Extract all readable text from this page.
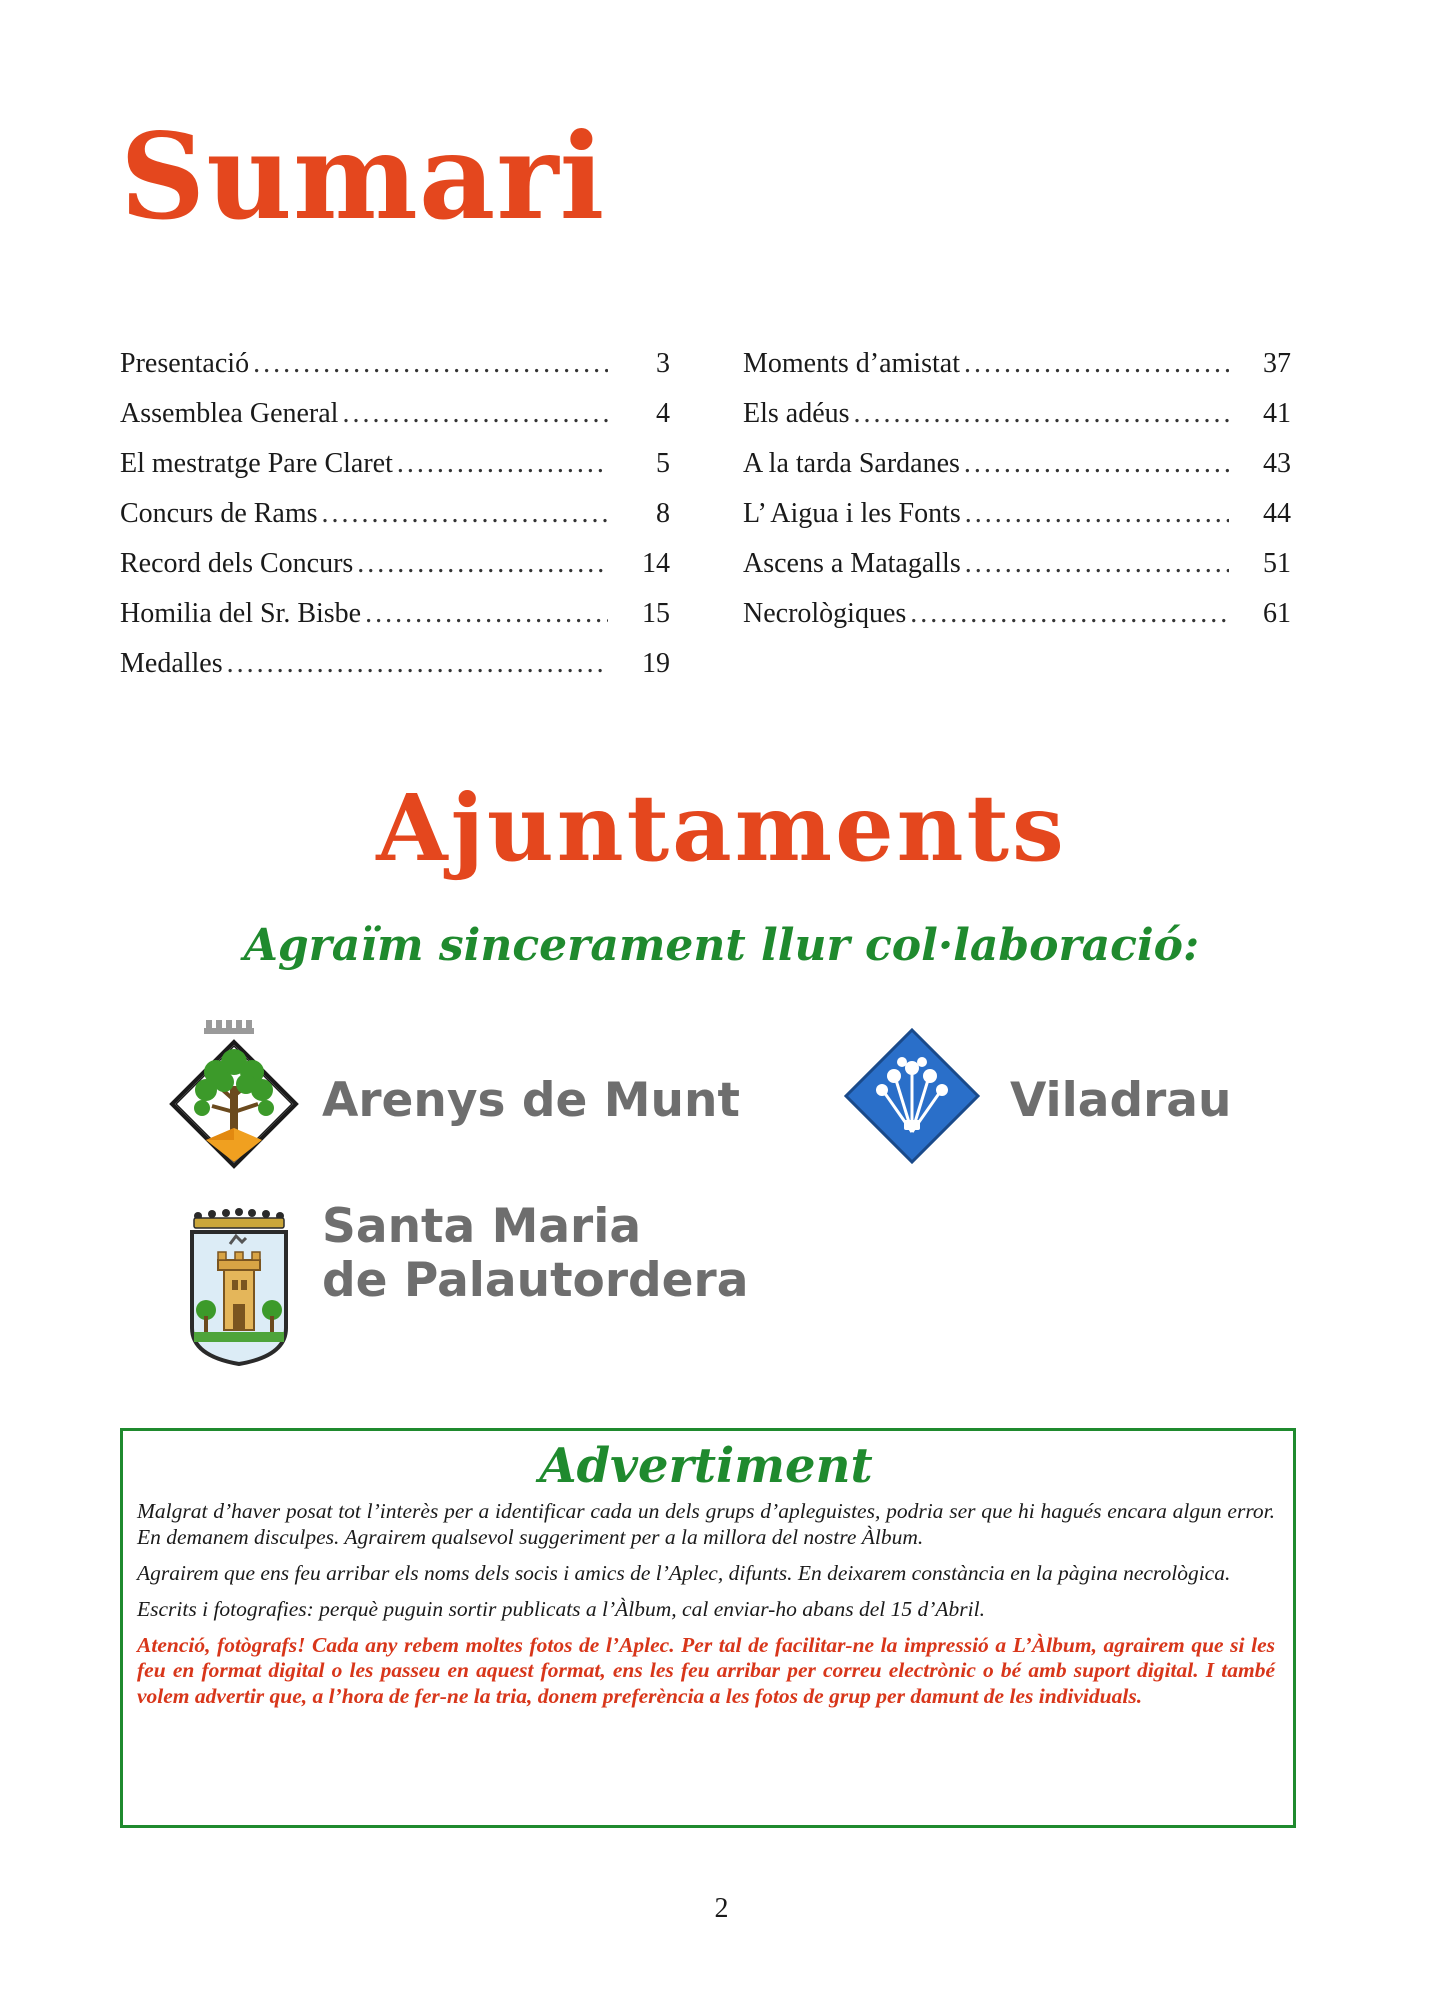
Sumari
Presentació .....	3
Assemblea General .....	4
El mestratge Pare Claret .....	5
Concurs de Rams .....	8
Record dels Concurs .....	14
Homilia del Sr. Bisbe .....	15
Medalles .....	19
Moments d’amistat .....	37
Els adéus .....	41
A la tarda Sardanes .....	43
L’ Aigua i les Fonts .....	44
Ascens a Matagalls .....	51
Necrològiques .....	61
Ajuntaments
Agraïm sincerament llur col·laboració:
Arenys de Munt	Viladrau
Santa Maria
de Palautordera
Advertiment

Malgrat d’haver posat tot l’interès per a identificar cada un dels grups d’apleguistes, podria ser que hi hagués encara algun error. En demanem disculpes. Agrairem qualsevol suggeriment per a la millora del nostre Àlbum.

Agrairem que ens feu arribar els noms dels socis i amics de l’Aplec, difunts. En deixarem constància en la pàgina necrològica.

Escrits i fotografies: perquè puguin sortir publicats a l’Àlbum, cal enviar-ho abans del 15 d’Abril.

Atenció, fotògrafs! Cada any rebem moltes fotos de l’Aplec. Per tal de facilitar-ne la impressió a L’Àlbum, agrairem que si les feu en format digital o les passeu en aquest format, ens les feu arribar per correu electrònic o bé amb suport digital. I també volem advertir que, a l’hora de fer-ne la tria, donem preferència a les fotos de grup per damunt de les individuals.

2
